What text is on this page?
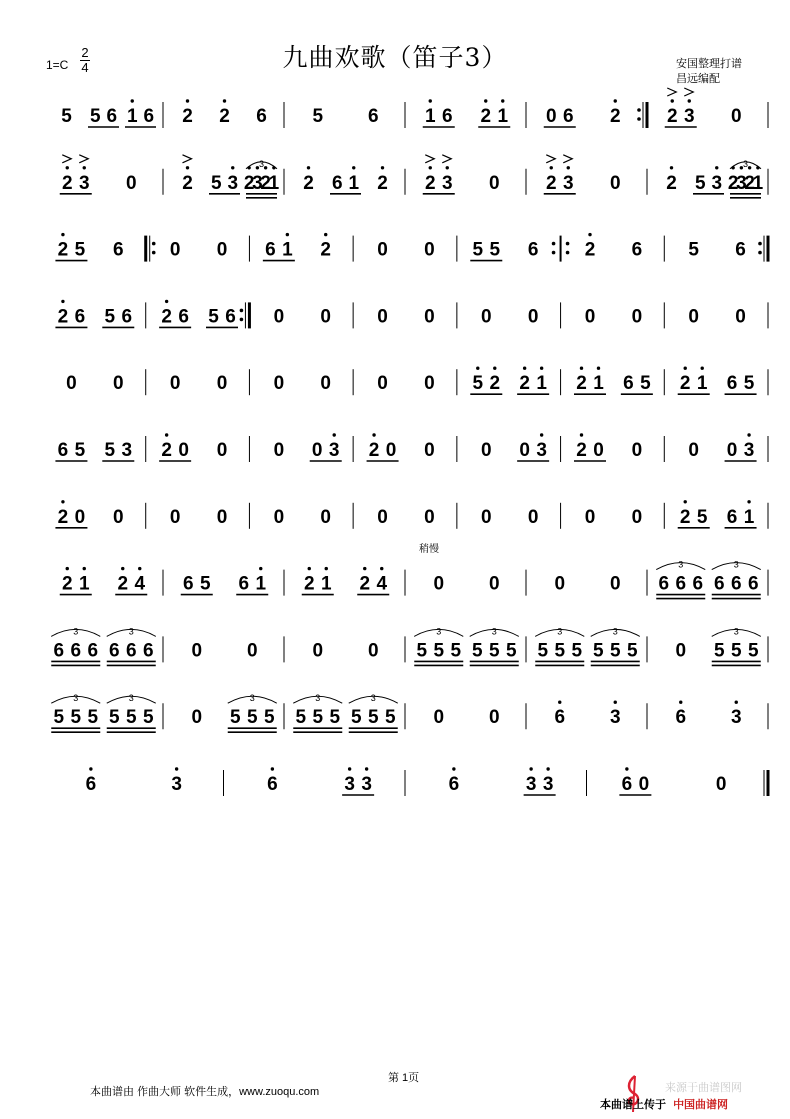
九曲欢歌（笛子3）
1=C
2
4	安国整理打谱
昌远编配
稍慢
5 5 6 1 6 2 2 6 5 6 1 6 2 1 0 6 2 2 3 0
2 3 0 2 5 3 2
3
2
1
3
2 6 1 2 2 3 0 2 3 0 2 5 3 2
3
2
1
3
2 5 6 0 0 6 1 2 0 0 5 5 6 2 6 5 6
2 6 5 6 2 6 5 6 0 0 0 0 0 0 0 0 0 0
0 0 0 0 0 0 0 0 5 2 2 1 2 1 6 5 2 1 6 5
6 5 5 3 2 0 0 0 0 3 2 0 0 0 0 3 2 0 0 0 0 3
2 0 0 0 0 0 0 0 0 0 0 0 0 2 5 6 1
2 1 2 4 6 5 6 1 2 1 2 4 0 0	0 0 6 6 6
3
6 6 6
3
6 6 6
3
6 6 6
3
0 0	0 0 5 5 5
3
5 5 5
3
5 5 5
3
5 5 5
3
0 5 5 5
3
5 5 5
3
5 5 5
3
0 5 5 5
3
5 5 5
3
5 5 5
3
0 0	6 3	6 3
6	3	6	3 3	6	3 3	6 0	0
第 1页
本曲谱由 作曲大师 软件生成，www.zuoqu.com	来源于曲谱图网
本曲谱上传于 中国曲谱网
